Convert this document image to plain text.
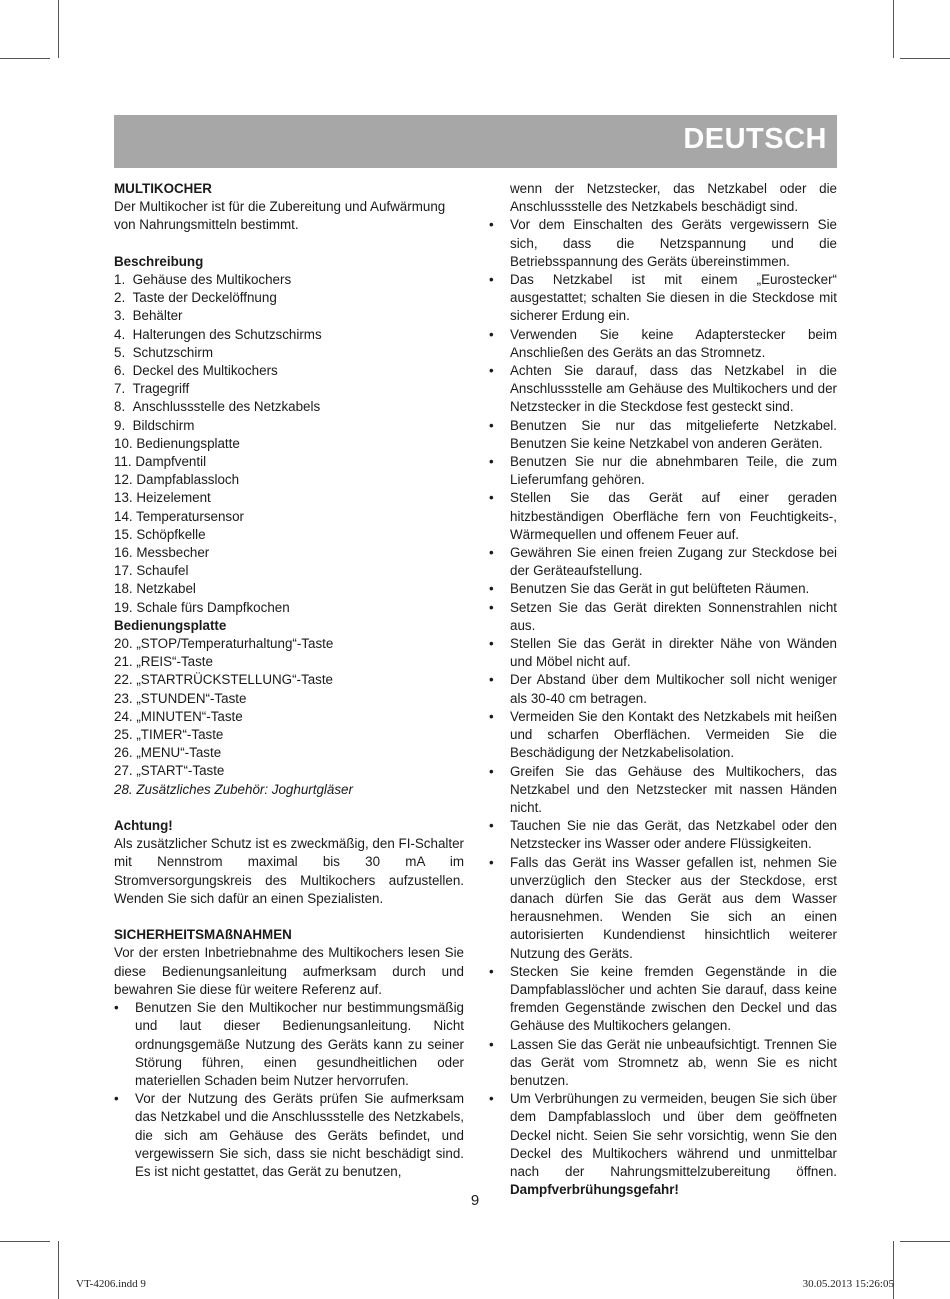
DEUTSCH
MULTIKOCHER

Der Multikocher ist für die Zubereitung und Aufwärmung von Nahrungsmitteln bestimmt.

Beschreibung
1.  Gehäuse des Multikochers
2.  Taste der Deckelöffnung
3.  Behälter
4.  Halterungen des Schutzschirms
5.  Schutzschirm
6.  Deckel des Multikochers
7.  Tragegriff
8.  Anschlussstelle des Netzkabels
9.  Bildschirm
10. Bedienungsplatte
11. Dampfventil
12. Dampfablassloch
13. Heizelement
14. Temperatursensor
15. Schöpfkelle
16. Messbecher
17. Schaufel
18. Netzkabel
19. Schale fürs Dampfkochen
Bedienungsplatte
20. „STOP/Temperaturhaltung“-Taste
21. „REIS“-Taste
22. „STARTRÜCKSTELLUNG“-Taste
23. „STUNDEN“-Taste
24. „MINUTEN“-Taste
25. „TIMER“-Taste
26. „MENU“-Taste
27. „START“-Taste
28. Zusätzliches Zubehör: Joghurtgläser
Achtung!

Als zusätzlicher Schutz ist es zweckmäßig, den FI-Schalter mit Nennstrom maximal bis 30 mA im Stromversorgungskreis des Multikochers aufzustellen. Wenden Sie sich dafür an einen Spezialisten.

SICHERHEITSMAßNAHMEN

Vor der ersten Inbetriebnahme des Multikochers lesen Sie diese Bedienungsanleitung aufmerksam durch und bewahren Sie diese für weitere Referenz auf.

• Benutzen Sie den Multikocher nur bestimmungsmäßig und laut dieser Bedienungsanleitung. Nicht ordnungsgemäße Nutzung des Geräts kann zu seiner Störung führen, einen gesundheitlichen oder materiellen Schaden beim Nutzer hervorrufen.
• Vor der Nutzung des Geräts prüfen Sie aufmerksam das Netzkabel und die Anschlussstelle des Netzkabels, die sich am Gehäuse des Geräts befindet, und vergewissern Sie sich, dass sie nicht beschädigt sind. Es ist nicht gestattet, das Gerät zu benutzen,

wenn der Netzstecker, das Netzkabel oder die Anschlussstelle des Netzkabels beschädigt sind.

• Vor dem Einschalten des Geräts vergewissern Sie sich, dass die Netzspannung und die Betriebsspannung des Geräts übereinstimmen.
• Das Netzkabel ist mit einem „Eurostecker“ ausgestattet; schalten Sie diesen in die Steckdose mit sicherer Erdung ein.
• Verwenden Sie keine Adapterstecker beim Anschließen des Geräts an das Stromnetz.
• Achten Sie darauf, dass das Netzkabel in die Anschlussstelle am Gehäuse des Multikochers und der Netzstecker in die Steckdose fest gesteckt sind.
• Benutzen Sie nur das mitgelieferte Netzkabel. Benutzen Sie keine Netzkabel von anderen Geräten.
• Benutzen Sie nur die abnehmbaren Teile, die zum Lieferumfang gehören.
• Stellen Sie das Gerät auf einer geraden hitzbeständigen Oberfläche fern von Feuchtigkeits-, Wärmequellen und offenem Feuer auf.
• Gewähren Sie einen freien Zugang zur Steckdose bei der Geräteaufstellung.
• Benutzen Sie das Gerät in gut belüfteten Räumen.
• Setzen Sie das Gerät direkten Sonnenstrahlen nicht aus.
• Stellen Sie das Gerät in direkter Nähe von Wänden und Möbel nicht auf.
• Der Abstand über dem Multikocher soll nicht weniger als 30-40 cm betragen.
• Vermeiden Sie den Kontakt des Netzkabels mit heißen und scharfen Oberflächen. Vermeiden Sie die Beschädigung der Netzkabelisolation.
• Greifen Sie das Gehäuse des Multikochers, das Netzkabel und den Netzstecker mit nassen Händen nicht.
• Tauchen Sie nie das Gerät, das Netzkabel oder den Netzstecker ins Wasser oder andere Flüssigkeiten.
• Falls das Gerät ins Wasser gefallen ist, nehmen Sie unverzüglich den Stecker aus der Steckdose, erst danach dürfen Sie das Gerät aus dem Wasser herausnehmen. Wenden Sie sich an einen autorisierten Kundendienst hinsichtlich weiterer Nutzung des Geräts.
• Stecken Sie keine fremden Gegenstände in die Dampfablasslöcher und achten Sie darauf, dass keine fremden Gegenstände zwischen den Deckel und das Gehäuse des Multikochers gelangen.
• Lassen Sie das Gerät nie unbeaufsichtigt. Trennen Sie das Gerät vom Stromnetz ab, wenn Sie es nicht benutzen.
• Um Verbrühungen zu vermeiden, beugen Sie sich über dem Dampfablassloch und über dem geöffneten Deckel nicht. Seien Sie sehr vorsichtig, wenn Sie den Deckel des Multikochers während und unmittelbar nach der Nahrungsmittelzubereitung öffnen. Dampfverbrühungsgefahr!
9
VT-4206.indd 9	30.05.2013 15:26:05
